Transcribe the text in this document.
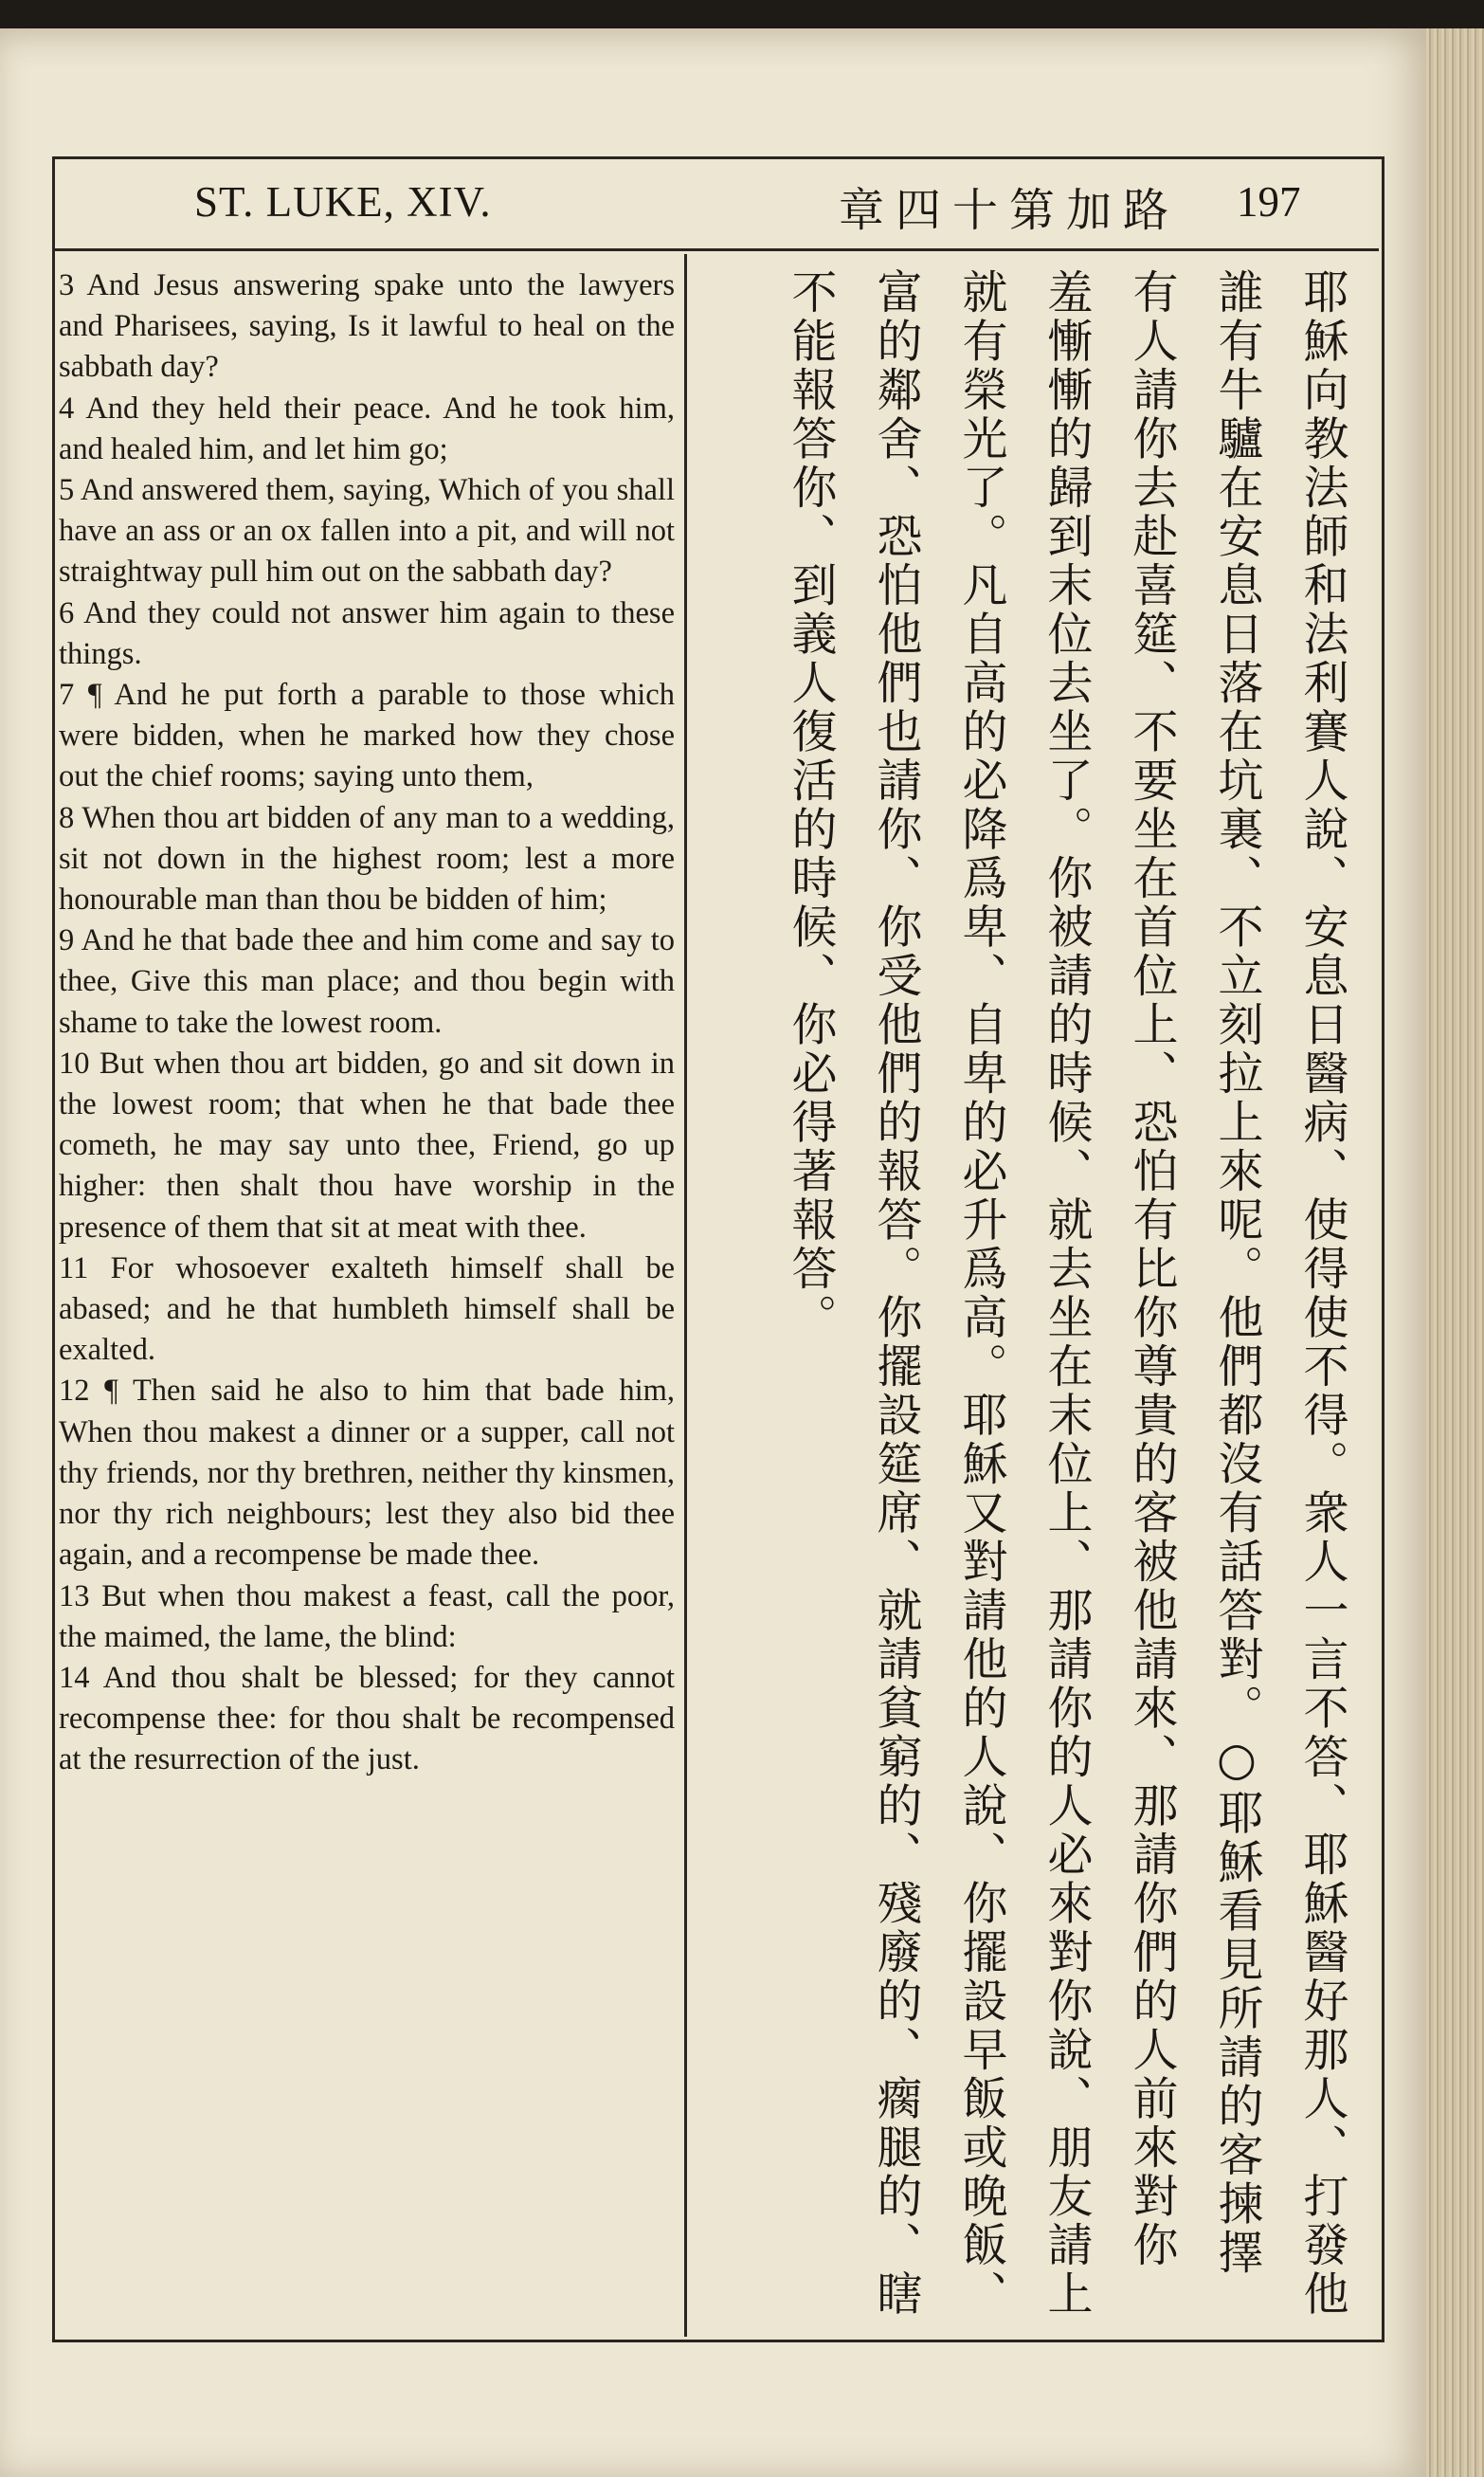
ST. LUKE, XIV.	章四十第加路 197

3 And Jesus answering spake unto the lawyers and Pharisees, saying, Is it lawful to heal on the sabbath day?

4 And they held their peace. And he took him, and healed him, and let him go;

5 And answered them, saying, Which of you shall have an ass or an ox fallen into a pit, and will not straightway pull him out on the sabbath day?

6 And they could not answer him again to these things.

7 ¶ And he put forth a parable to those which were bidden, when he marked how they chose out the chief rooms; saying unto them,

8 When thou art bidden of any man to a wedding, sit not down in the highest room; lest a more honourable man than thou be bidden of him;

9 And he that bade thee and him come and say to thee, Give this man place; and thou begin with shame to take the lowest room.

10 But when thou art bidden, go and sit down in the lowest room; that when he that bade thee cometh, he may say unto thee, Friend, go up higher: then shalt thou have worship in the presence of them that sit at meat with thee.

11 For whosoever exalteth himself shall be abased; and he that humbleth himself shall be exalted.

12 ¶ Then said he also to him that bade him, When thou makest a dinner or a supper, call not thy friends, nor thy brethren, neither thy kinsmen, nor thy rich neighbours; lest they also bid thee again, and a recompense be made thee.

13 But when thou makest a feast, call the poor, the maimed, the lame, the blind:

14 And thou shalt be blessed; for they cannot recompense thee: for thou shalt be recompensed at the resurrection of the just.

耶穌向教法師和法利賽人說、安息日醫病、使得使不得。衆人一言不答、耶穌醫好那人、打發他
誰有牛驢在安息日落在坑裏、不立刻拉上來呢。他們都沒有話答對。○耶穌看見所請的客揀擇
有人請你去赴喜筵、不要坐在首位上、恐怕有比你尊貴的客被他請來、那請你們的人前來對你
羞慚慚的歸到末位去坐了。你被請的時候、就去坐在末位上、那請你的人必來對你說、朋友請上
就有榮光了。凡自高的必降爲卑、自卑的必升爲高。耶穌又對請他的人說、你擺設早飯或晚飯、
富的鄰舍、恐怕他們也請你、你受他們的報答。你擺設筵席、就請貧窮的、殘廢的、瘸腿的、瞎
不能報答你、到義人復活的時候、你必得著報答。
